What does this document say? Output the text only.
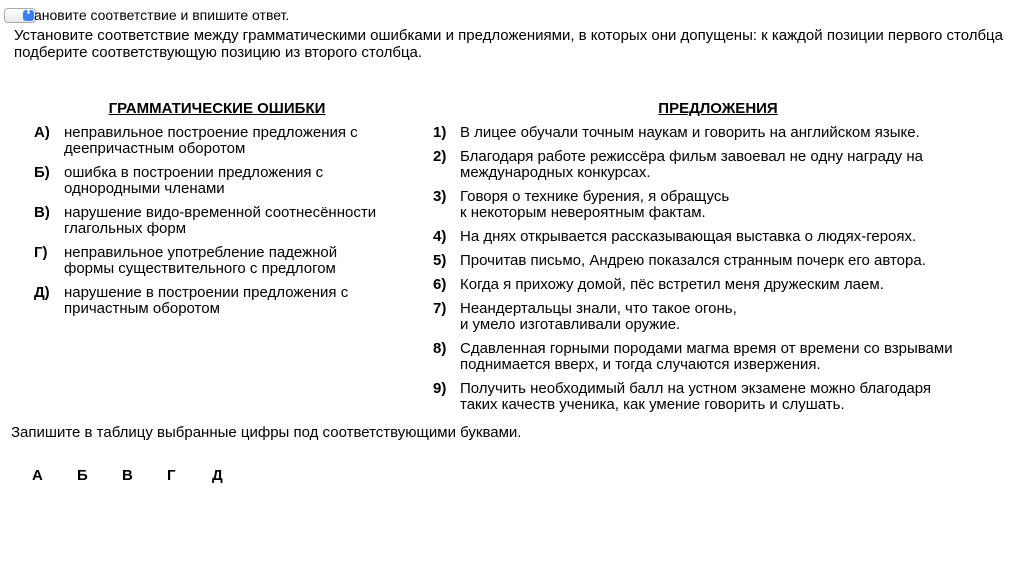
⬍ ановите соответствие и впишите ответ.
Установите соответствие между грамматическими ошибками и предложениями, в которых они допущены: к каждой позиции первого столбца подберите соответствующую позицию из второго столбца.
ГРАММАТИЧЕСКИЕ ОШИБКИ
А) неправильное построение предложения с
деепричастным оборотом
Б) ошибка в построении предложения с
однородными членами
В) нарушение видо-временной соотнесённости
глагольных форм
Г)	неправильное употребление падежной
формы существительного с предлогом
Д) нарушение в построении предложения с
причастным оборотом
ПРЕДЛОЖЕНИЯ
1) В лицее обучали точным наукам и говорить на английском языке.
2) Благодаря работе режиссёра фильм завоевал не одну награду на
международных конкурсах.
3) Говоря о технике бурения, я обращусь
к некоторым невероятным фактам.
4) На днях открывается рассказывающая выставка о людях-героях.
5) Прочитав письмо, Андрею показался странным почерк его автора.
6) Когда я прихожу домой, пёс встретил меня дружеским лаем.
7) Неандертальцы знали, что такое огонь,
и умело изготавливали оружие.
8) Сдавленная горными породами магма время от времени со взрывами
поднимается вверх, и тогда случаются извержения.
9) Получить необходимый балл на устном экзамене можно благодаря
таких качеств ученика, как умение говорить и слушать.
Запишите в таблицу выбранные цифры под соответствующими буквами.
А	Б	В	Г	Д
